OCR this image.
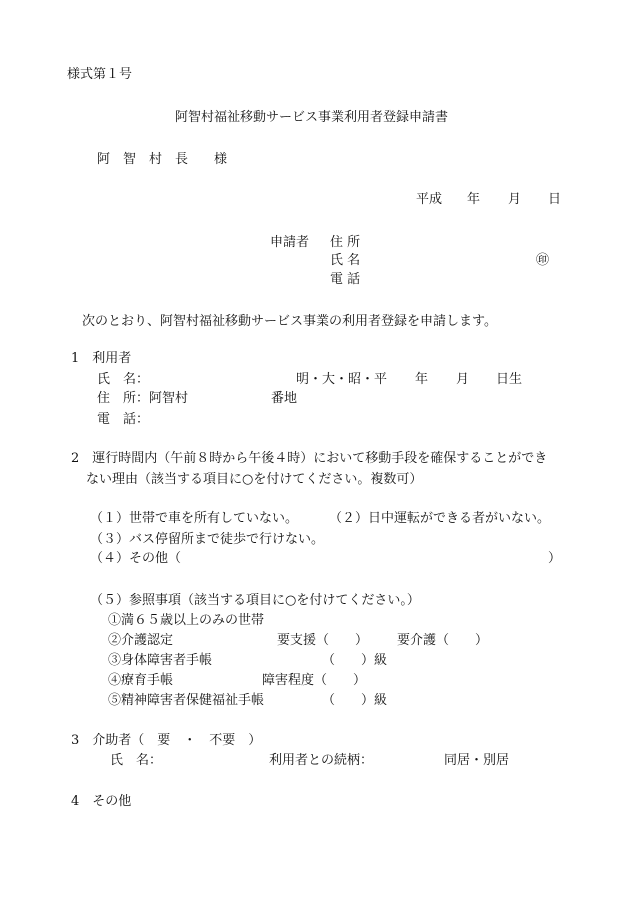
様式第１号
阿智村福祉移動サービス事業利用者登録申請書
阿　智　村　長　　様
平成 年 月 日
申請者 住 所
氏 名	㊞
電 話
次のとおり、阿智村福祉移動サービス事業の利用者登録を申請します。
1　利用者
氏　名：	明・大・昭・平 年 月 日生
住　所：阿智村	番地
電　話：
2　運行時間内（午前８時から午後４時）において移動手段を確保することができ
ない理由（該当する項目に○を付けてください。複数可）
（１）世帯で車を所有していない。 （２）日中運転ができる者がいない。
（３）バス停留所まで徒歩で行けない。
（４）その他（	）
（５）参照事項（該当する項目に○を付けてください。）
①満６５歳以上のみの世帯
②介護認定	要支援（　　） 要介護（　　）
③身体障害者手帳	（　　）級
④療育手帳	障害程度（　　）
⑤精神障害者保健福祉手帳	（　　）級
3　介助者（　要　・　不要　）
氏　名：	利用者との続柄：	同居・別居
4　その他
